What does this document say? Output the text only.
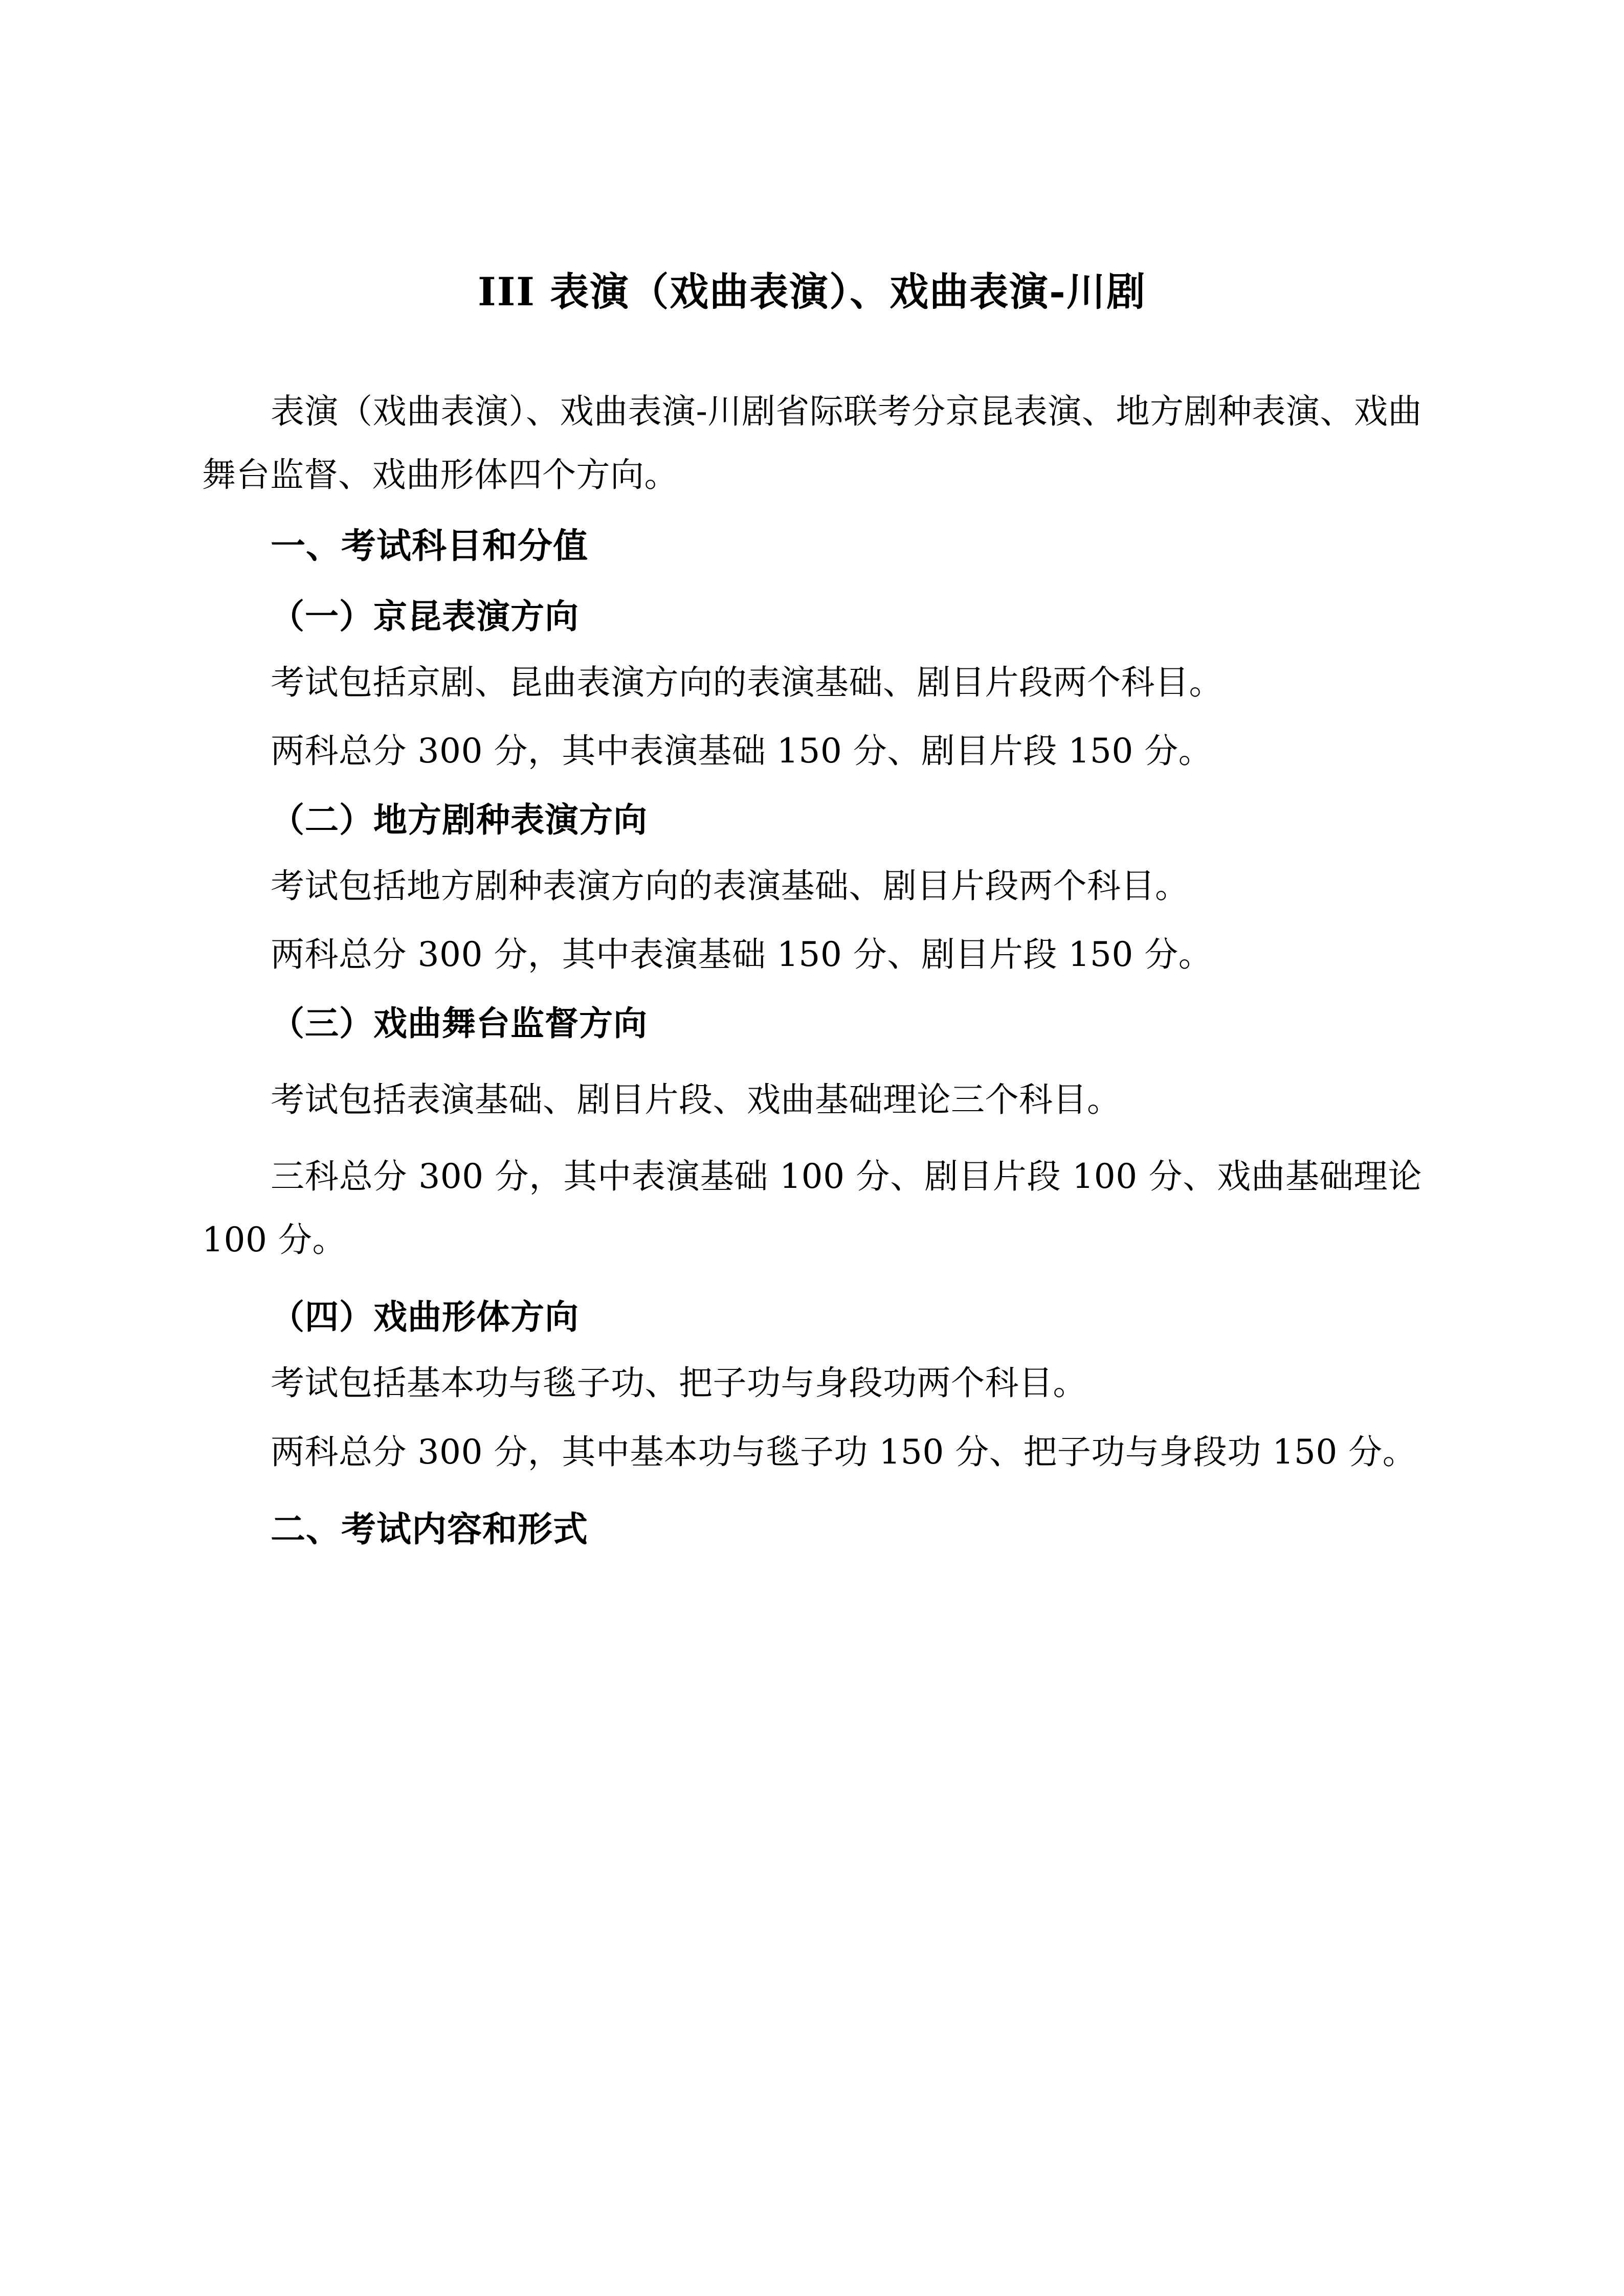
III 表演（戏曲表演）、戏曲表演-川剧

表演（戏曲表演）、戏曲表演-川剧省际联考分京昆表演、地方剧种表演、戏曲舞台监督、戏曲形体四个方向。

一、考试科目和分值
（一）京昆表演方向

考试包括京剧、昆曲表演方向的表演基础、剧目片段两个科目。

两科总分 300 分，其中表演基础 150 分、剧目片段 150 分。

（二）地方剧种表演方向

考试包括地方剧种表演方向的表演基础、剧目片段两个科目。

两科总分 300 分，其中表演基础 150 分、剧目片段 150 分。

（三）戏曲舞台监督方向

考试包括表演基础、剧目片段、戏曲基础理论三个科目。

三科总分 300 分，其中表演基础 100 分、剧目片段 100 分、戏曲基础理论 100 分。

（四）戏曲形体方向

考试包括基本功与毯子功、把子功与身段功两个科目。

两科总分 300 分，其中基本功与毯子功 150 分、把子功与身段功 150 分。

二、考试内容和形式
